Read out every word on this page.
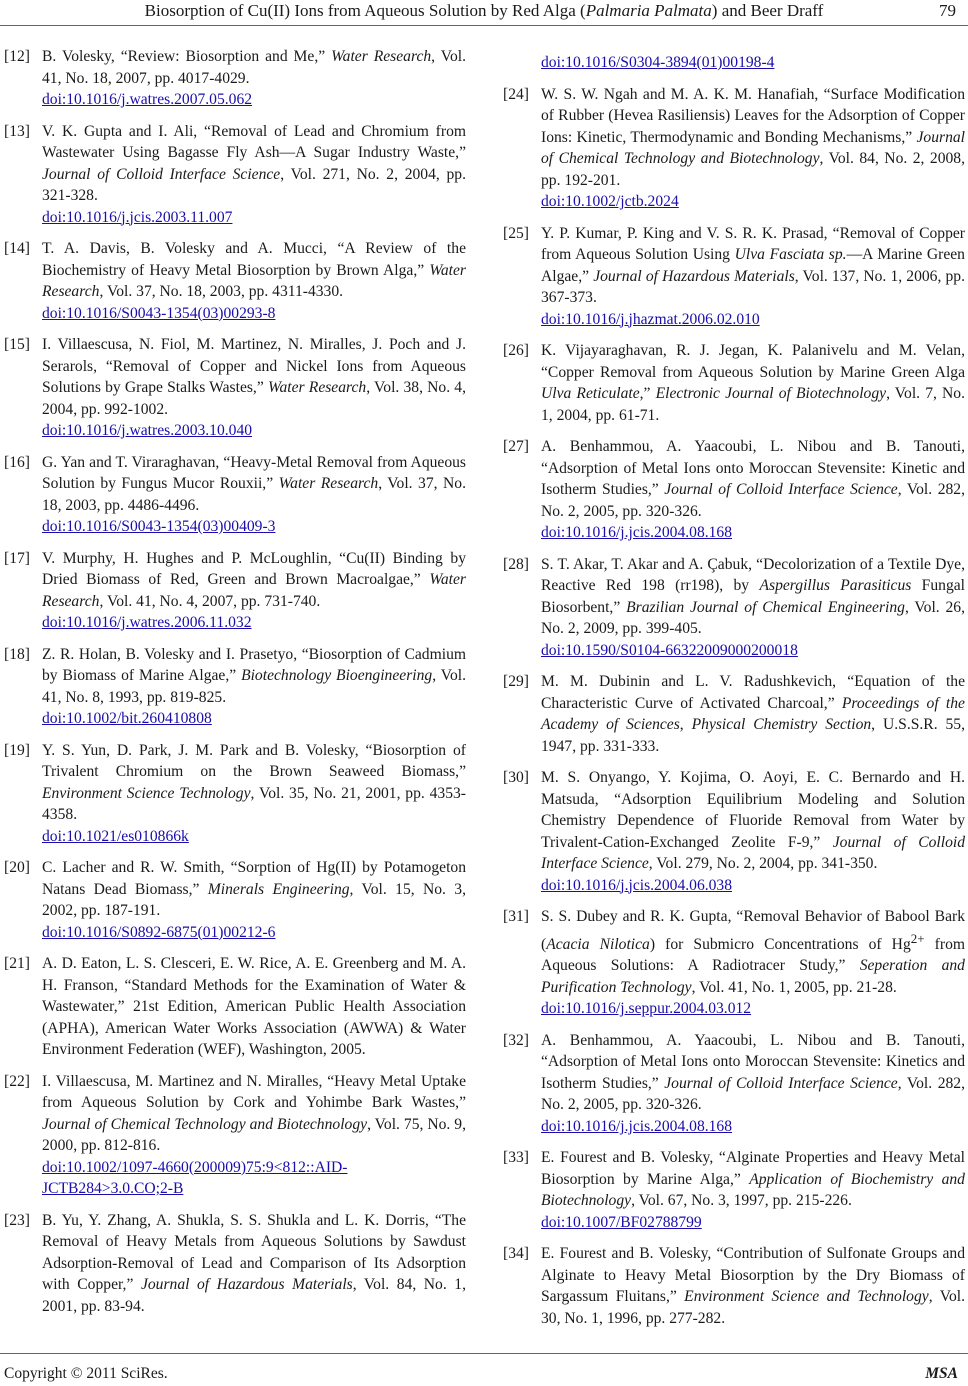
Biosorption of Cu(II) Ions from Aqueous Solution by Red Alga (Palmaria Palmata) and Beer Draff	79
[12] B. Volesky, “Review: Biosorption and Me,” Water Research, Vol. 41, No. 18, 2007, pp. 4017-4029.
doi:10.1016/j.watres.2007.05.062
[13] V. K. Gupta and I. Ali, “Removal of Lead and Chromium from Wastewater Using Bagasse Fly Ash—A Sugar Industry Waste,” Journal of Colloid Interface Science, Vol. 271, No. 2, 2004, pp. 321-328.
doi:10.1016/j.jcis.2003.11.007
[14] T. A. Davis, B. Volesky and A. Mucci, “A Review of the Biochemistry of Heavy Metal Biosorption by Brown Alga,” Water Research, Vol. 37, No. 18, 2003, pp. 4311-4330.
doi:10.1016/S0043-1354(03)00293-8
[15] I. Villaescusa, N. Fiol, M. Martinez, N. Miralles, J. Poch and J. Serarols, “Removal of Copper and Nickel Ions from Aqueous Solutions by Grape Stalks Wastes,” Water Research, Vol. 38, No. 4, 2004, pp. 992-1002.
doi:10.1016/j.watres.2003.10.040
[16] G. Yan and T. Viraraghavan, “Heavy-Metal Removal from Aqueous Solution by Fungus Mucor Rouxii,” Water Research, Vol. 37, No. 18, 2003, pp. 4486-4496.
doi:10.1016/S0043-1354(03)00409-3
[17] V. Murphy, H. Hughes and P. McLoughlin, “Cu(II) Binding by Dried Biomass of Red, Green and Brown Macroalgae,” Water Research, Vol. 41, No. 4, 2007, pp. 731-740.
doi:10.1016/j.watres.2006.11.032
[18] Z. R. Holan, B. Volesky and I. Prasetyo, “Biosorption of Cadmium by Biomass of Marine Algae,” Biotechnology Bioengineering, Vol. 41, No. 8, 1993, pp. 819-825.
doi:10.1002/bit.260410808
[19] Y. S. Yun, D. Park, J. M. Park and B. Volesky, “Biosorption of Trivalent Chromium on the Brown Seaweed Biomass,” Environment Science Technology, Vol. 35, No. 21, 2001, pp. 4353-4358.
doi:10.1021/es010866k
[20] C. Lacher and R. W. Smith, “Sorption of Hg(II) by Potamogeton Natans Dead Biomass,” Minerals Engineering, Vol. 15, No. 3, 2002, pp. 187-191.
doi:10.1016/S0892-6875(01)00212-6
[21] A. D. Eaton, L. S. Clesceri, E. W. Rice, A. E. Greenberg and M. A. H. Franson, “Standard Methods for the Examination of Water & Wastewater,” 21st Edition, American Public Health Association (APHA), American Water Works Association (AWWA) & Water Environment Federation (WEF), Washington, 2005.
[22] I. Villaescusa, M. Martinez and N. Miralles, “Heavy Metal Uptake from Aqueous Solution by Cork and Yohimbe Bark Wastes,” Journal of Chemical Technology and Biotechnology, Vol. 75, No. 9, 2000, pp. 812-816.
doi:10.1002/1097-4660(200009)75:9<812::AID-JCTB284>3.0.CO;2-B
[23] B. Yu, Y. Zhang, A. Shukla, S. S. Shukla and L. K. Dorris, “The Removal of Heavy Metals from Aqueous Solutions by Sawdust Adsorption-Removal of Lead and Comparison of Its Adsorption with Copper,” Journal of Hazardous Materials, Vol. 84, No. 1, 2001, pp. 83-94.
doi:10.1016/S0304-3894(01)00198-4
[24] W. S. W. Ngah and M. A. K. M. Hanafiah, “Surface Modification of Rubber (Hevea Rasiliensis) Leaves for the Adsorption of Copper Ions: Kinetic, Thermodynamic and Bonding Mechanisms,” Journal of Chemical Technology and Biotechnology, Vol. 84, No. 2, 2008, pp. 192-201.
doi:10.1002/jctb.2024
[25] Y. P. Kumar, P. King and V. S. R. K. Prasad, “Removal of Copper from Aqueous Solution Using Ulva Fasciata sp.—A Marine Green Algae,” Journal of Hazardous Materials, Vol. 137, No. 1, 2006, pp. 367-373.
doi:10.1016/j.jhazmat.2006.02.010
[26] K. Vijayaraghavan, R. J. Jegan, K. Palanivelu and M. Velan, “Copper Removal from Aqueous Solution by Marine Green Alga Ulva Reticulate,” Electronic Journal of Biotechnology, Vol. 7, No. 1, 2004, pp. 61-71.
[27] A. Benhammou, A. Yaacoubi, L. Nibou and B. Tanouti, “Adsorption of Metal Ions onto Moroccan Stevensite: Kinetic and Isotherm Studies,” Journal of Colloid Interface Science, Vol. 282, No. 2, 2005, pp. 320-326.
doi:10.1016/j.jcis.2004.08.168
[28] S. T. Akar, T. Akar and A. Çabuk, “Decolorization of a Textile Dye, Reactive Red 198 (rr198), by Aspergillus Parasiticus Fungal Biosorbent,” Brazilian Journal of Chemical Engineering, Vol. 26, No. 2, 2009, pp. 399-405.
doi:10.1590/S0104-66322009000200018
[29] M. M. Dubinin and L. V. Radushkevich, “Equation of the Characteristic Curve of Activated Charcoal,” Proceedings of the Academy of Sciences, Physical Chemistry Section, U.S.S.R. 55, 1947, pp. 331-333.
[30] M. S. Onyango, Y. Kojima, O. Aoyi, E. C. Bernardo and H. Matsuda, “Adsorption Equilibrium Modeling and Solution Chemistry Dependence of Fluoride Removal from Water by Trivalent-Cation-Exchanged Zeolite F-9,” Journal of Colloid Interface Science, Vol. 279, No. 2, 2004, pp. 341-350.
doi:10.1016/j.jcis.2004.06.038
[31] S. S. Dubey and R. K. Gupta, “Removal Behavior of Babool Bark (Acacia Nilotica) for Submicro Concentrations of $Hg^{2+}$ from Aqueous Solutions: A Radiotracer Study,” Seperation and Purification Technology, Vol. 41, No. 1, 2005, pp. 21-28.
doi:10.1016/j.seppur.2004.03.012
[32] A. Benhammou, A. Yaacoubi, L. Nibou and B. Tanouti, “Adsorption of Metal Ions onto Moroccan Stevensite: Kinetics and Isotherm Studies,” Journal of Colloid Interface Science, Vol. 282, No. 2, 2005, pp. 320-326.
doi:10.1016/j.jcis.2004.08.168
[33] E. Fourest and B. Volesky, “Alginate Properties and Heavy Metal Biosorption by Marine Alga,” Application of Biochemistry and Biotechnology, Vol. 67, No. 3, 1997, pp. 215-226.
doi:10.1007/BF02788799
[34] E. Fourest and B. Volesky, “Contribution of Sulfonate Groups and Alginate to Heavy Metal Biosorption by the Dry Biomass of Sargassum Fluitans,” Environment Science and Technology, Vol. 30, No. 1, 1996, pp. 277-282.
Copyright © 2011 SciRes.	MSA
